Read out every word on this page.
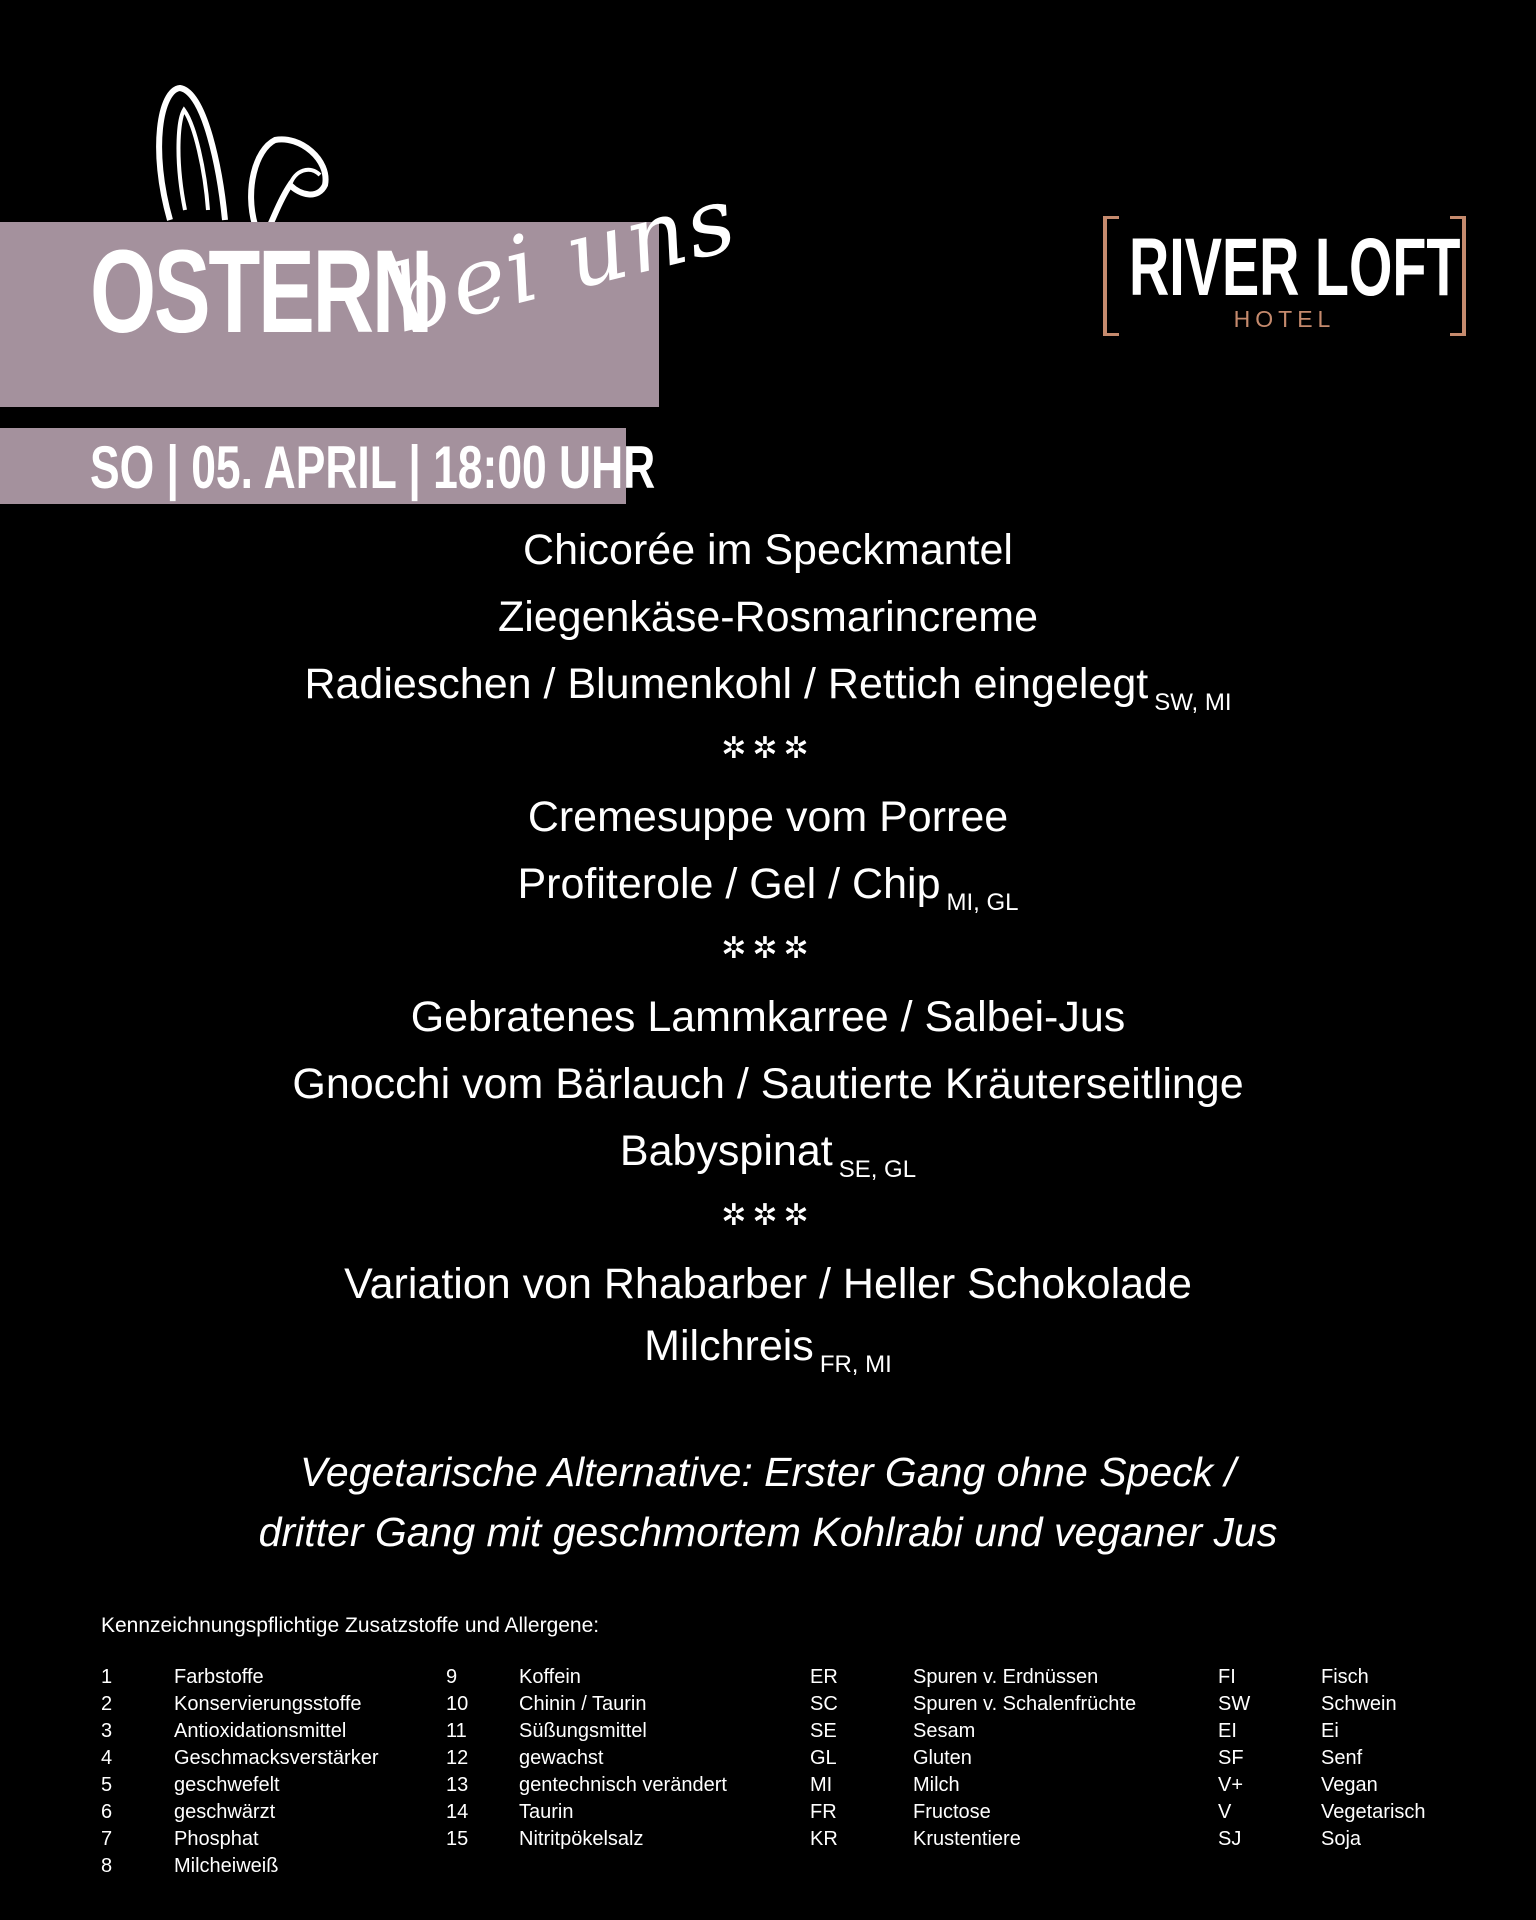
OSTERN
bei uns
SO | 05. APRIL | 18:00 UHR
RIVER LOFT
HOTEL
Chicorée im Speckmantel
Ziegenkäse-Rosmarincreme
Radieschen / Blumenkohl / Rettich eingelegt $_{SW, MI}$
✲✲✲
Cremesuppe vom Porree
Profiterole / Gel / Chip $_{MI, GL}$
✲✲✲
Gebratenes Lammkarree / Salbei-Jus
Gnocchi vom Bärlauch / Sautierte Kräuterseitlinge
Babyspinat $_{SE, GL}$
✲✲✲
Variation von Rhabarber / Heller Schokolade
Milchreis $_{FR, MI}$
Vegetarische Alternative: Erster Gang ohne Speck /
dritter Gang mit geschmortem Kohlrabi und veganer Jus
Kennzeichnungspflichtige Zusatzstoffe und Allergene:
1	Farbstoffe
2	Konservierungsstoffe
3	Antioxidationsmittel
4	Geschmacksverstärker
5	geschwefelt
6	geschwärzt
7	Phosphat
8	Milcheiweiß
9	Koffein
10	Chinin / Taurin
11	Süßungsmittel
12	gewachst
13	gentechnisch verändert
14	Taurin
15	Nitritpökelsalz
ER	Spuren v. Erdnüssen
SC	Spuren v. Schalenfrüchte
SE	Sesam
GL	Gluten
MI	Milch
FR	Fructose
KR	Krustentiere
FI	Fisch
SW	Schwein
EI	Ei
SF	Senf
V+	Vegan
V	Vegetarisch
SJ	Soja
